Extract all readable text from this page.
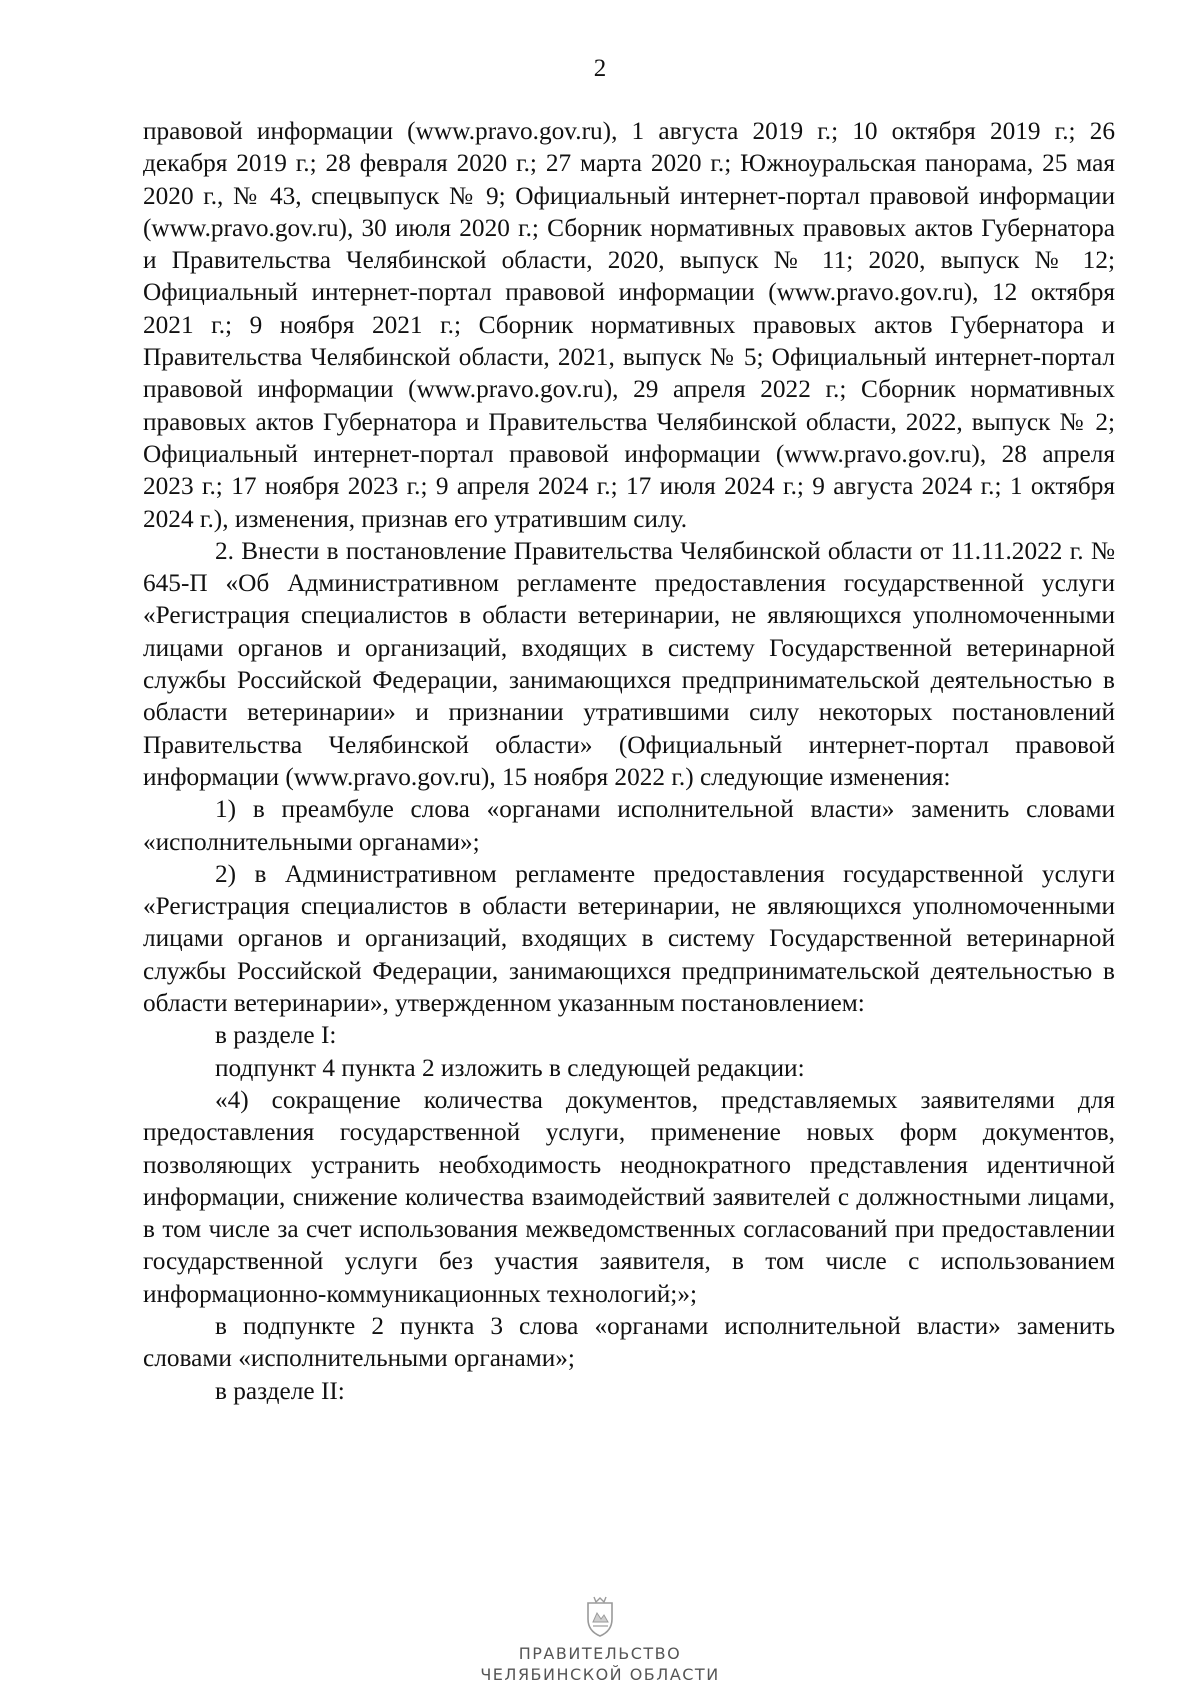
2

правовой информации (www.pravo.gov.ru), 1 августа 2019 г.; 10 октября 2019 г.; 26 декабря 2019 г.; 28 февраля 2020 г.; 27 марта 2020 г.; Южноуральская панорама, 25 мая 2020 г., № 43, спецвыпуск № 9; Официальный интернет-портал правовой информации (www.pravo.gov.ru), 30 июля 2020 г.; Сборник нормативных правовых актов Губернатора и Правительства Челябинской области, 2020, выпуск № 11; 2020, выпуск № 12; Официальный интернет-портал правовой информации (www.pravo.gov.ru), 12 октября 2021 г.; 9 ноября 2021 г.; Сборник нормативных правовых актов Губернатора и Правительства Челябинской области, 2021, выпуск № 5; Официальный интернет-портал правовой информации (www.pravo.gov.ru), 29 апреля 2022 г.; Сборник нормативных правовых актов Губернатора и Правительства Челябинской области, 2022, выпуск № 2; Официальный интернет-портал правовой информации (www.pravo.gov.ru), 28 апреля 2023 г.; 17 ноября 2023 г.; 9 апреля 2024 г.; 17 июля 2024 г.; 9 августа 2024 г.; 1 октября 2024 г.), изменения, признав его утратившим силу.

2. Внести в постановление Правительства Челябинской области от 11.11.2022 г. № 645-П «Об Административном регламенте предоставления государственной услуги «Регистрация специалистов в области ветеринарии, не являющихся уполномоченными лицами органов и организаций, входящих в систему Государственной ветеринарной службы Российской Федерации, занимающихся предпринимательской деятельностью в области ветеринарии» и признании утратившими силу некоторых постановлений Правительства Челябинской области» (Официальный интернет-портал правовой информации (www.pravo.gov.ru), 15 ноября 2022 г.) следующие изменения:

1) в преамбуле слова «органами исполнительной власти» заменить словами «исполнительными органами»;

2) в Административном регламенте предоставления государственной услуги «Регистрация специалистов в области ветеринарии, не являющихся уполномоченными лицами органов и организаций, входящих в систему Государственной ветеринарной службы Российской Федерации, занимающихся предпринимательской деятельностью в области ветеринарии», утвержденном указанным постановлением:

в разделе I:

подпункт 4 пункта 2 изложить в следующей редакции:

«4) сокращение количества документов, представляемых заявителями для предоставления государственной услуги, применение новых форм документов, позволяющих устранить необходимость неоднократного представления идентичной информации, снижение количества взаимодействий заявителей с должностными лицами, в том числе за счет использования межведомственных согласований при предоставлении государственной услуги без участия заявителя, в том числе с использованием информационно-коммуникационных технологий;»;

в подпункте 2 пункта 3 слова «органами исполнительной власти» заменить словами «исполнительными органами»;

в разделе II:

ПРАВИТЕЛЬСТВО
ЧЕЛЯБИНСКОЙ ОБЛАСТИ
